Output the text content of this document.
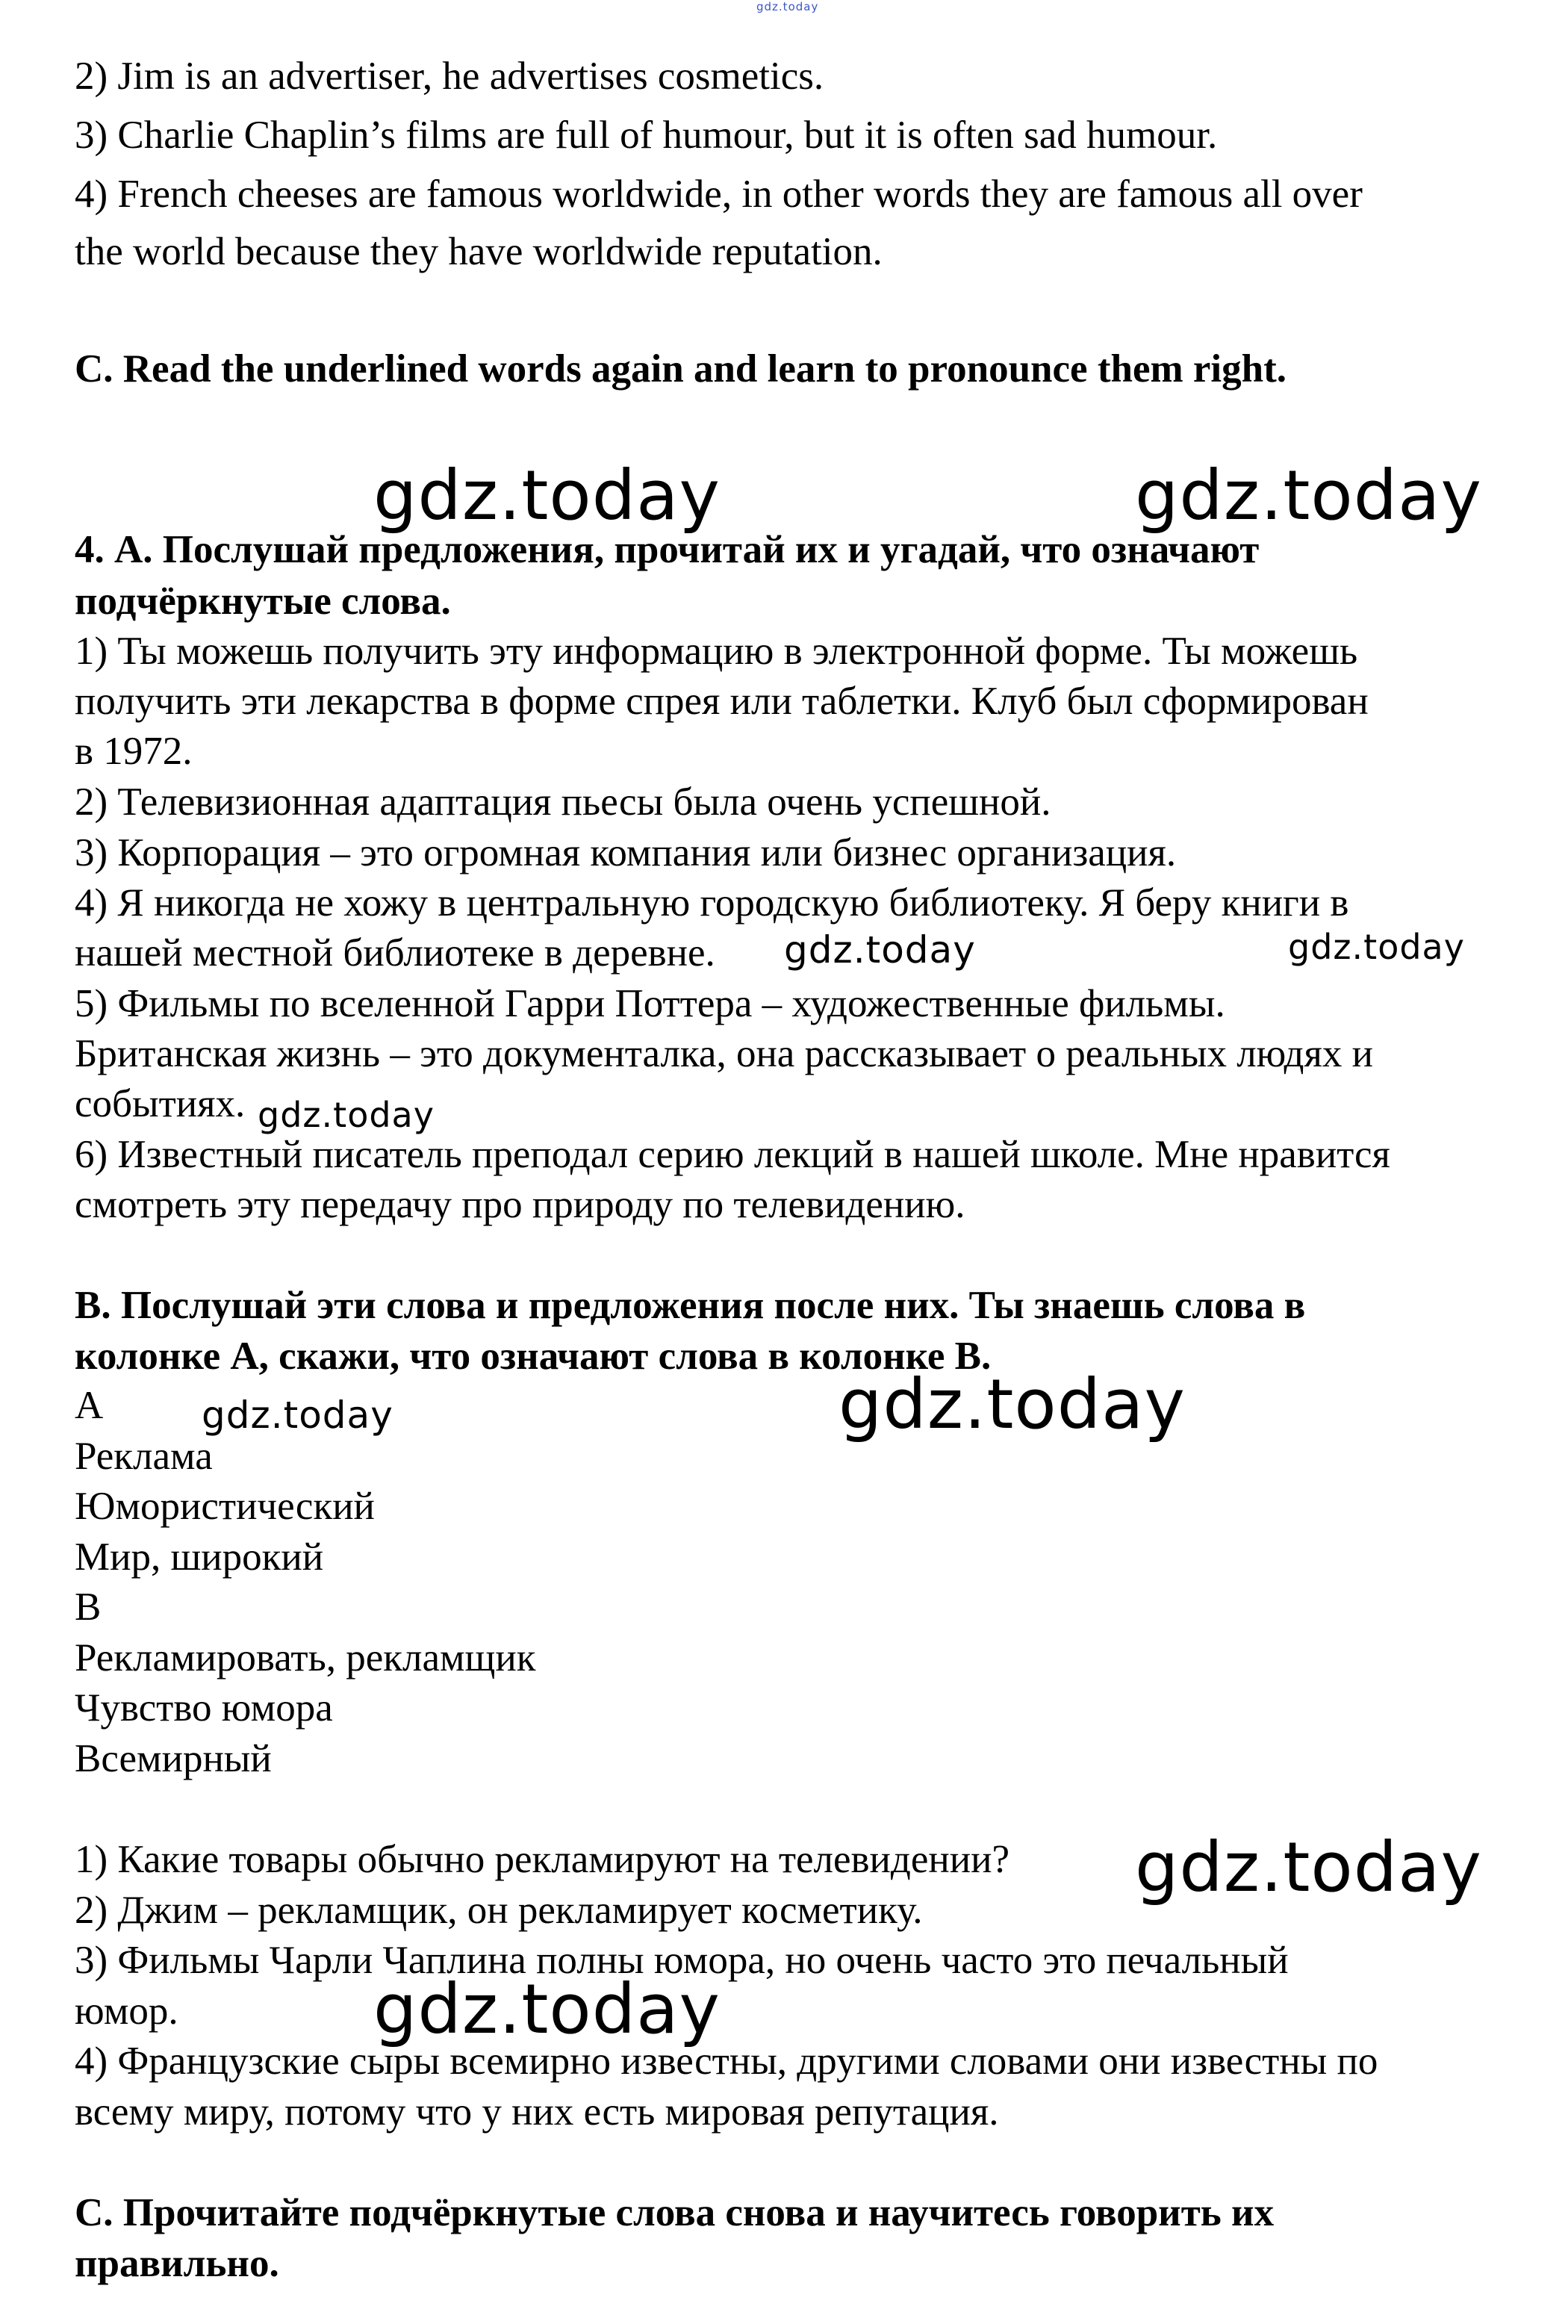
gdz.today
2) Jim is an advertiser, he advertises cosmetics.
3) Charlie Chaplin’s films are full of humour, but it is often sad humour.
4) French cheeses are famous worldwide, in other words they are famous all over
the world because they have worldwide reputation.
C. Read the underlined words again and learn to pronounce them right.
gdz.today	gdz.today
4. А. Послушай предложения, прочитай их и угадай, что означают
подчёркнутые слова.
1) Ты можешь получить эту информацию в электронной форме. Ты можешь
получить эти лекарства в форме спрея или таблетки. Клуб был сформирован
в 1972.
2) Телевизионная адаптация пьесы была очень успешной.
3) Корпорация – это огромная компания или бизнес организация.
4) Я никогда не хожу в центральную городскую библиотеку. Я беру книги в
нашей местной библиотеке в деревне. gdz.today	gdz.today
5) Фильмы по вселенной Гарри Поттера – художественные фильмы.
Британская жизнь – это документалка, она рассказывает о реальных людях и
событиях. gdz.today
6) Известный писатель преподал серию лекций в нашей школе. Мне нравится
смотреть эту передачу про природу по телевидению.
В. Послушай эти слова и предложения после них. Ты знаешь слова в
колонке А, скажи, что означают слова в колонке В.
gdz.today
А	gdz.today
Реклама
Юмористический
Мир, широкий
В
Рекламировать, рекламщик
Чувство юмора
Всемирный
1) Какие товары обычно рекламируют на телевидении? gdz.today
2) Джим – рекламщик, он рекламирует косметику.
3) Фильмы Чарли Чаплина полны юмора, но очень часто это печальный
юмор.	gdz.today
4) Французские сыры всемирно известны, другими словами они известны по
всему миру, потому что у них есть мировая репутация.
С. Прочитайте подчёркнутые слова снова и научитесь говорить их
правильно.
